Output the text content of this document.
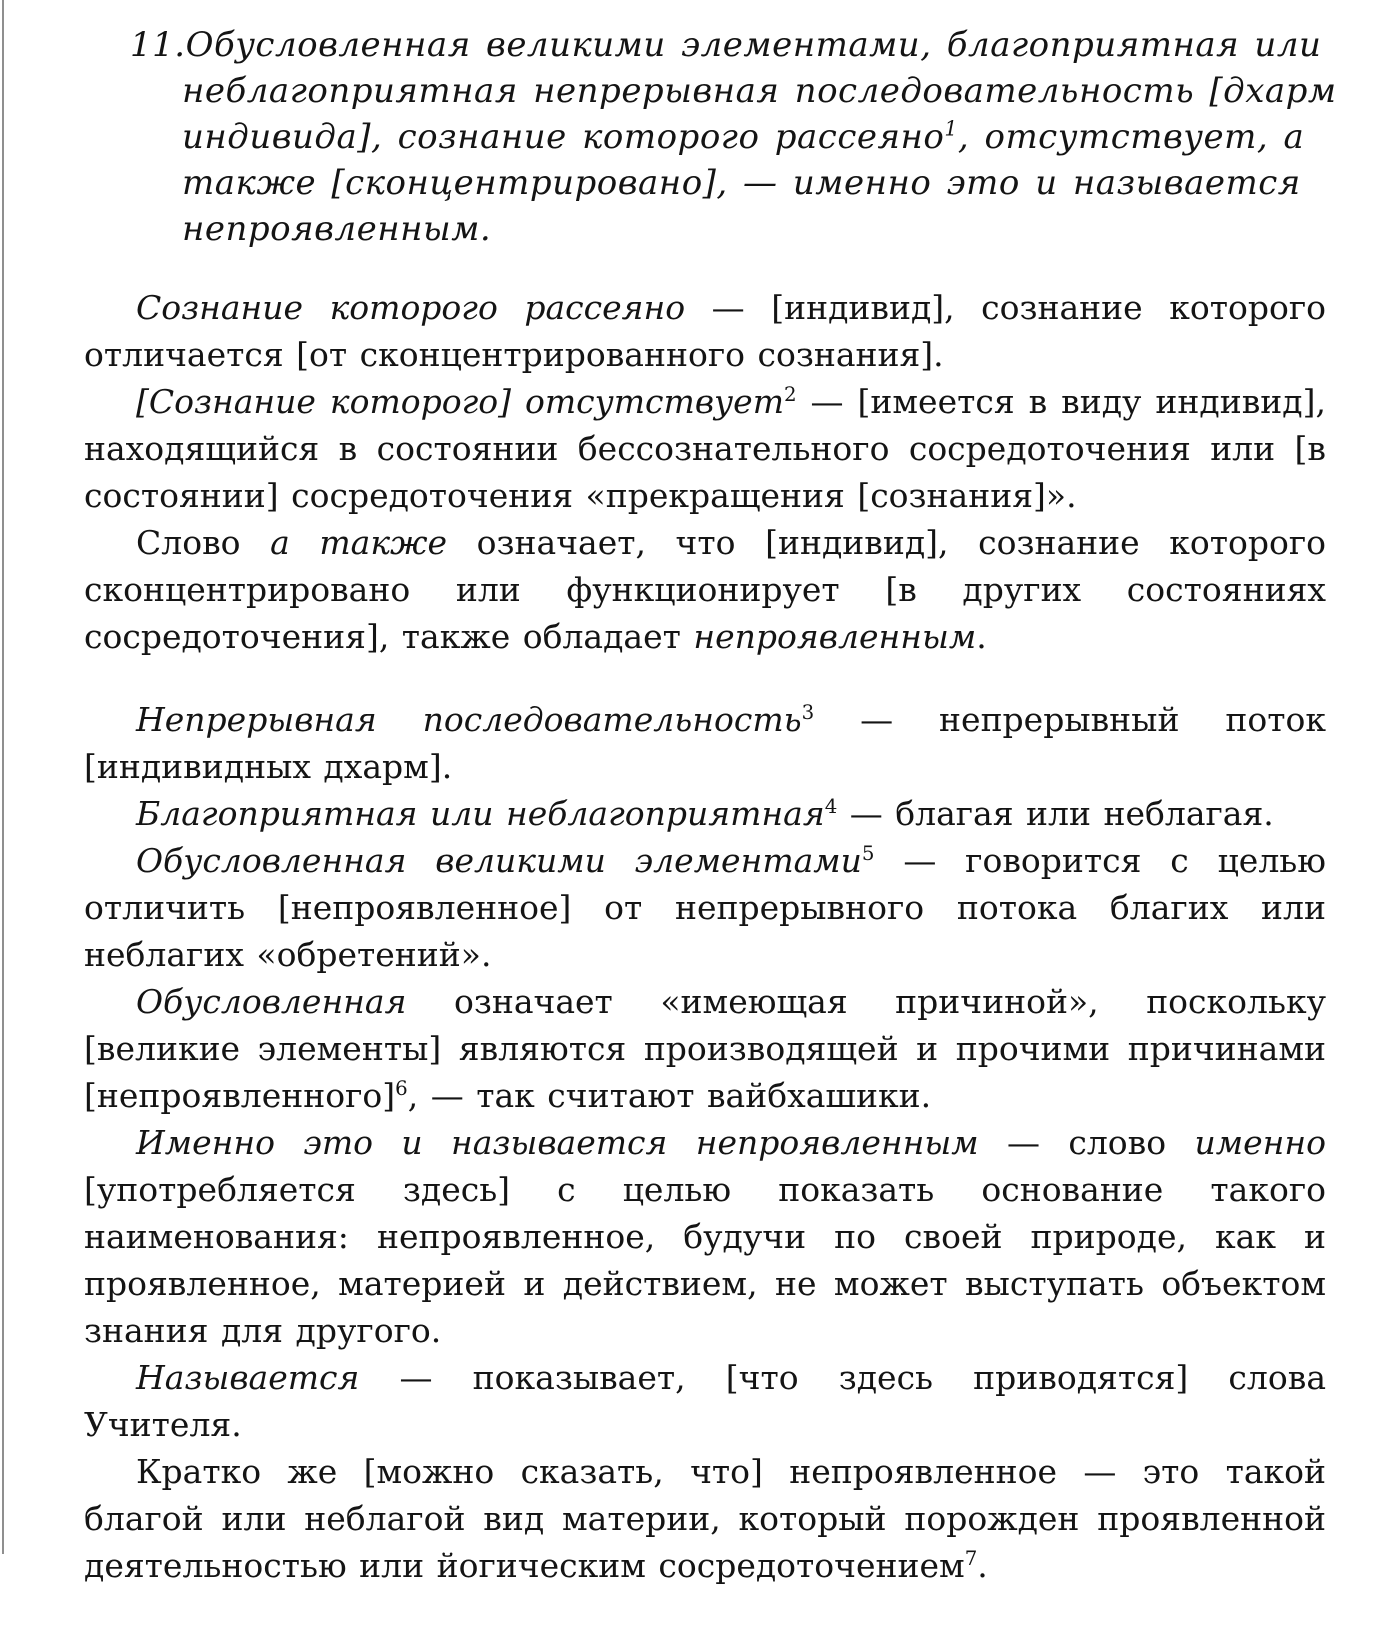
11.Обусловленная великими элементами, благоприятная или
неблагоприятная непрерывная последовательность [дхарм
индивида], сознание которого рассеяно$^1$, отсутствует, а
также [сконцентрировано], — именно это и называется
непроявленным.

Сознание которого рассеяно — [индивид], сознание которого отличается [от сконцентрированного сознания].

[Сознание которого] отсутствует$^2$ — [имеется в виду индивид], находящийся в состоянии бессознательного сосредоточения или [в состоянии] сосредоточения «прекращения [сознания]».

Слово а также означает, что [индивид], сознание которого сконцентрировано или функционирует [в других состояниях сосредоточения], также обладает непроявленным.

Непрерывная последовательность$^3$ — непрерывный поток [индивидных дхарм].

Благоприятная или неблагоприятная$^4$ — благая или неблагая.

Обусловленная великими элементами$^5$ — говорится с целью отличить [непроявленное] от непрерывного потока благих или неблагих «обретений».

Обусловленная означает «имеющая причиной», поскольку [великие элементы] являются производящей и прочими причинами [непроявленного]$^6$, — так считают вайбхашики.

Именно это и называется непроявленным — слово именно [употребляется здесь] с целью показать основание такого наименования: непроявленное, будучи по своей природе, как и проявленное, материей и действием, не может выступать объектом знания для другого.

Называется — показывает, [что здесь приводятся] слова Учителя.

Кратко же [можно сказать, что] непроявленное — это такой благой или неблагой вид материи, который порожден проявленной деятельностью или йогическим сосредоточением$^7$.
